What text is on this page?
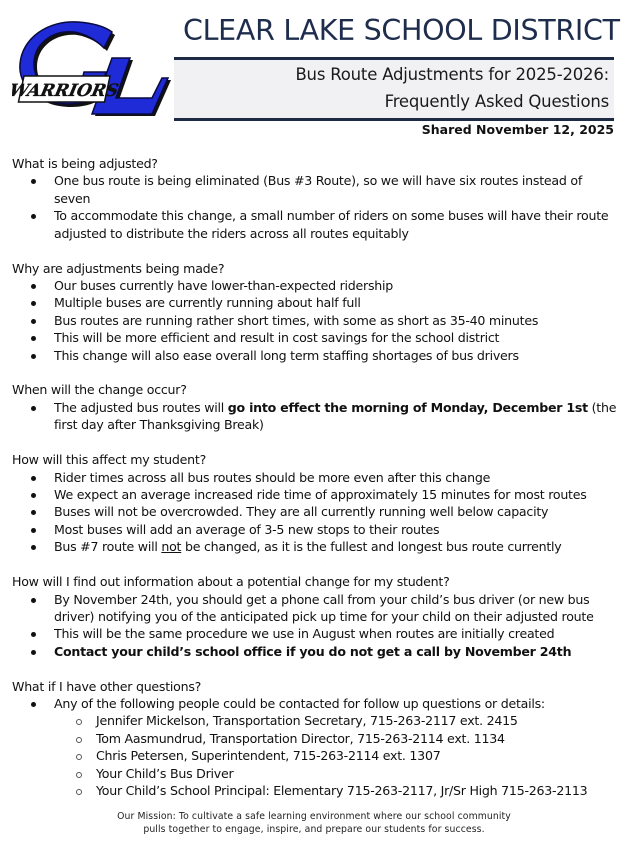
WARRIORS
CLEAR LAKE SCHOOL DISTRICT
Bus Route Adjustments for 2025-2026:
Frequently Asked Questions
Shared November 12, 2025

What is being adjusted?

One bus route is being eliminated (Bus #3 Route), so we will have six routes instead of seven
To accommodate this change, a small number of riders on some buses will have their route adjusted to distribute the riders across all routes equitably

Why are adjustments being made?

Our buses currently have lower-than-expected ridership
Multiple buses are currently running about half full
Bus routes are running rather short times, with some as short as 35-40 minutes
This will be more efficient and result in cost savings for the school district
This change will also ease overall long term staffing shortages of bus drivers

When will the change occur?

The adjusted bus routes will go into effect the morning of Monday, December 1st (the first day after Thanksgiving Break)

How will this affect my student?

Rider times across all bus routes should be more even after this change
We expect an average increased ride time of approximately 15 minutes for most routes
Buses will not be overcrowded. They are all currently running well below capacity
Most buses will add an average of 3-5 new stops to their routes
Bus #7 route will not be changed, as it is the fullest and longest bus route currently

How will I find out information about a potential change for my student?

By November 24th, you should get a phone call from your child’s bus driver (or new bus driver) notifying you of the anticipated pick up time for your child on their adjusted route
This will be the same procedure we use in August when routes are initially created
Contact your child’s school office if you do not get a call by November 24th

What if I have other questions?

Any of the following people could be contacted for follow up questions or details:
Jennifer Mickelson, Transportation Secretary, 715-263-2117 ext. 2415
Tom Aasmundrud, Transportation Director, 715-263-2114 ext. 1134
Chris Petersen, Superintendent, 715-263-2114 ext. 1307
Your Child’s Bus Driver
Your Child’s School Principal: Elementary 715-263-2117, Jr/Sr High 715-263-2113
Our Mission: To cultivate a safe learning environment where our school community
pulls together to engage, inspire, and prepare our students for success.
